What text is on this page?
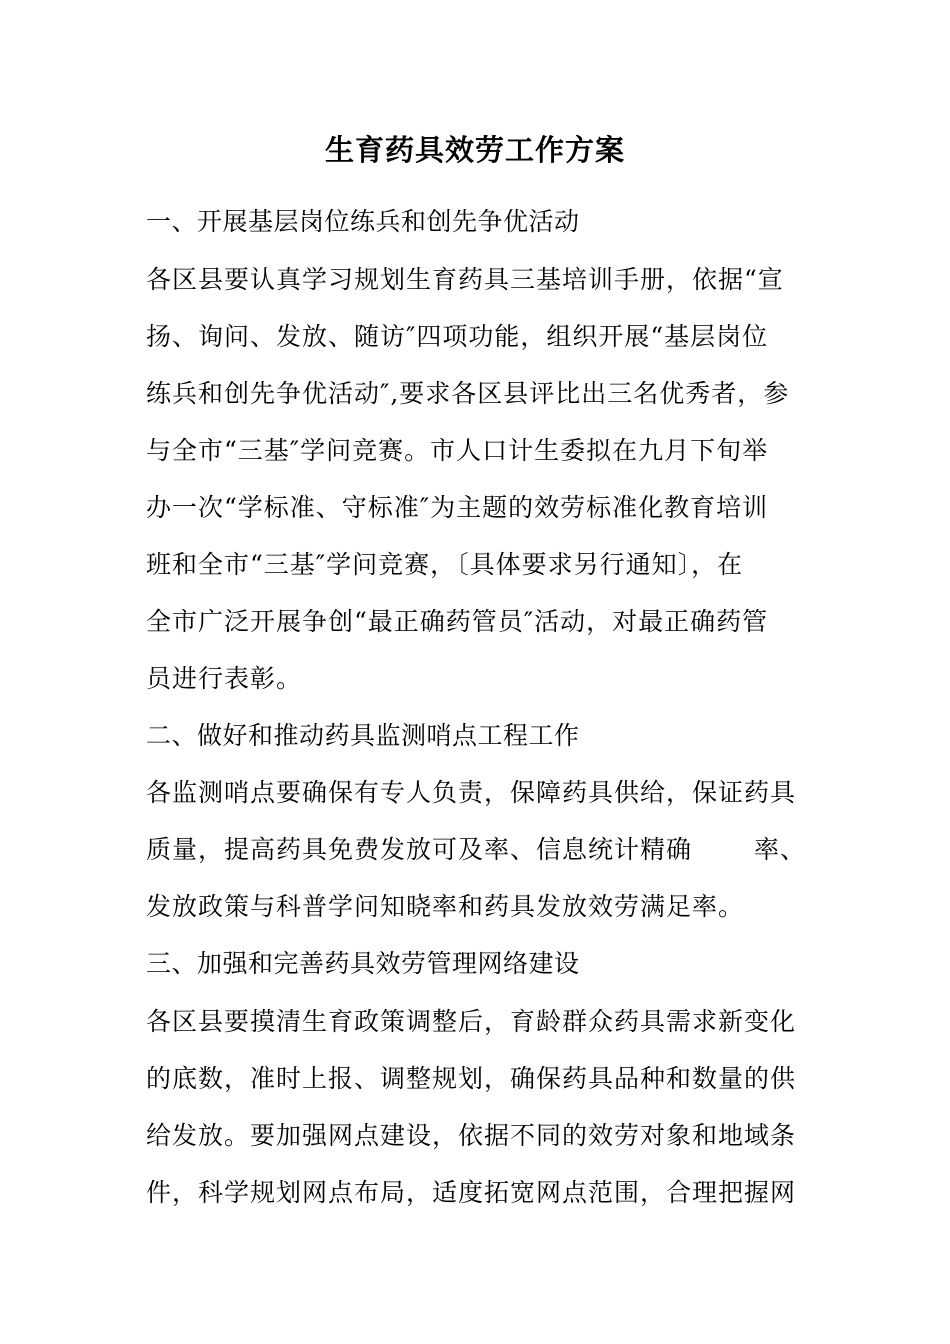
生育药具效劳工作方案
一、开展基层岗位练兵和创先争优活动
各区县要认真学习规划生育药具三基培训手册，依据“宣
扬、询问、发放、随访″四项功能，组织开展“基层岗位
练兵和创先争优活动″,要求各区县评比出三名优秀者，参
与全市“三基″学问竞赛。市人口计生委拟在九月下旬举
办一次“学标准、守标准″为主题的效劳标准化教育培训
班和全市“三基″学问竞赛，〔具体要求另行通知〕，在
全市广泛开展争创“最正确药管员″活动，对最正确药管
员进行表彰。
二、做好和推动药具监测哨点工程工作
各监测哨点要确保有专人负责，保障药具供给，保证药具
质量，提高药具免费发放可及率、信息统计精确 率、
发放政策与科普学问知晓率和药具发放效劳满足率。
三、加强和完善药具效劳管理网络建设
各区县要摸清生育政策调整后，育龄群众药具需求新变化
的底数，准时上报、调整规划，确保药具品种和数量的供
给发放。要加强网点建设，依据不同的效劳对象和地域条
件，科学规划网点布局，适度拓宽网点范围，合理把握网
